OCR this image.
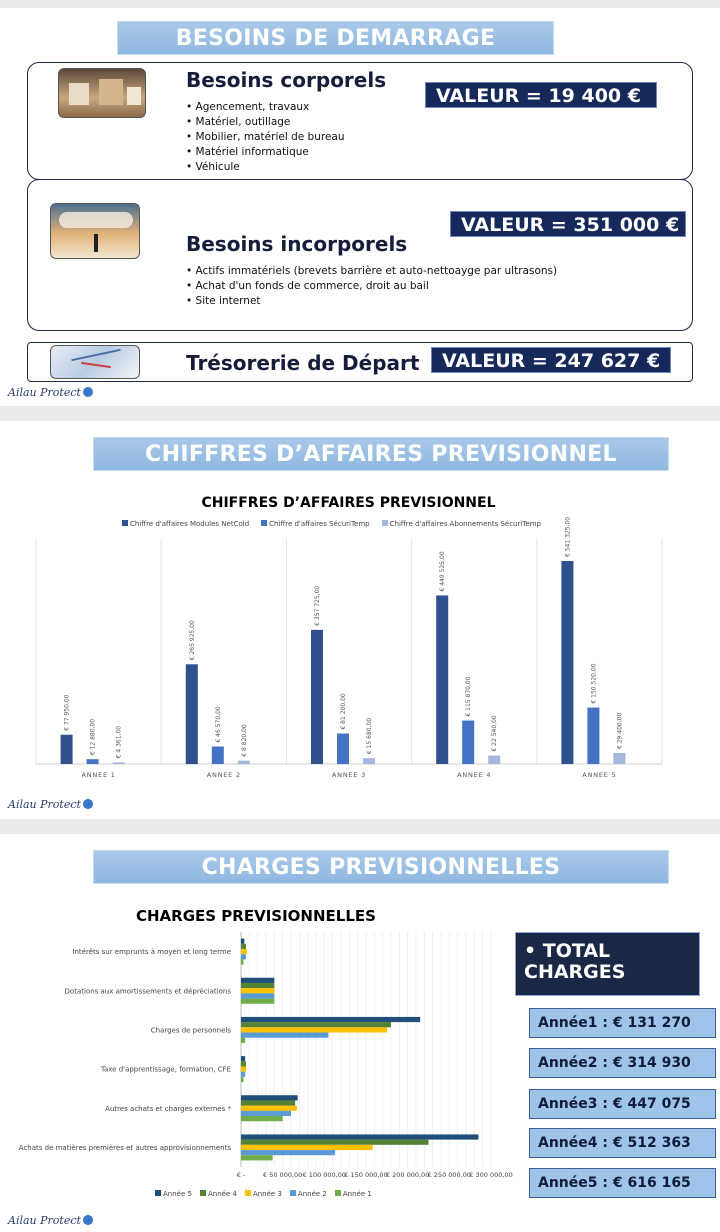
BESOINS DE DEMARRAGE
Besoins corporels
• Agencement, travaux
• Matériel, outillage
• Mobilier, matériel de bureau
• Matériel informatique
• Véhicule
VALEUR = 19 400 €
Besoins incorporels
• Actifs immatériels (brevets barrière et auto-nettoayge par ultrasons)
• Achat d'un fonds de commerce, droit au bail
• Site internet
VALEUR = 351 000 €
Trésorerie de Départ	VALEUR = 247 627 €
Ailau Protect
CHIFFRES D’AFFAIRES PREVISIONNEL
CHIFFRES D’AFFAIRES PREVISIONNEL
Chiffre d'affaires Modules NetCold	Chiffre d'affaires SécuriTemp	Chiffre d'affaires Abonnements SécuriTemp
€ 77 950,00
€ 12 880,00	€ 4 361,00
ANNEE 1
€ 265 925,00
€ 46 570,00	€ 8 820,00
ANNEE 2
€ 357 725,00
€ 81 200,00
€ 15 680,00
ANNEE 3
€ 449 525,00
€ 115 870,00
€ 22 540,00
ANNEE 4
€ 541 325,00
€ 150 520,00
€ 29 400,00
ANNEE 5
Ailau Protect
CHARGES PREVISIONNELLES
CHARGES PREVISIONNELLES
€ -	€ 50 000,00 € 100 000,00
€ 150 000,00
€ 200 000,00
€ 250 000,00
€ 300 000,00
Intérêts sur emprunts à moyen et long terme
Dotations aux amortissements et dépréciations
Charges de personnels
Taxe d'apprentissage, formation, CFE
Autres achats et charges externes *
Achats de matières premières et autres approvisionnements
Année 5	Année 4	Année 3	Année 2	Année 1
• TOTAL CHARGES
Année1 : € 131 270
Année2 : € 314 930
Année3 : € 447 075
Année4 : € 512 363
Année5 : € 616 165
Ailau Protect
